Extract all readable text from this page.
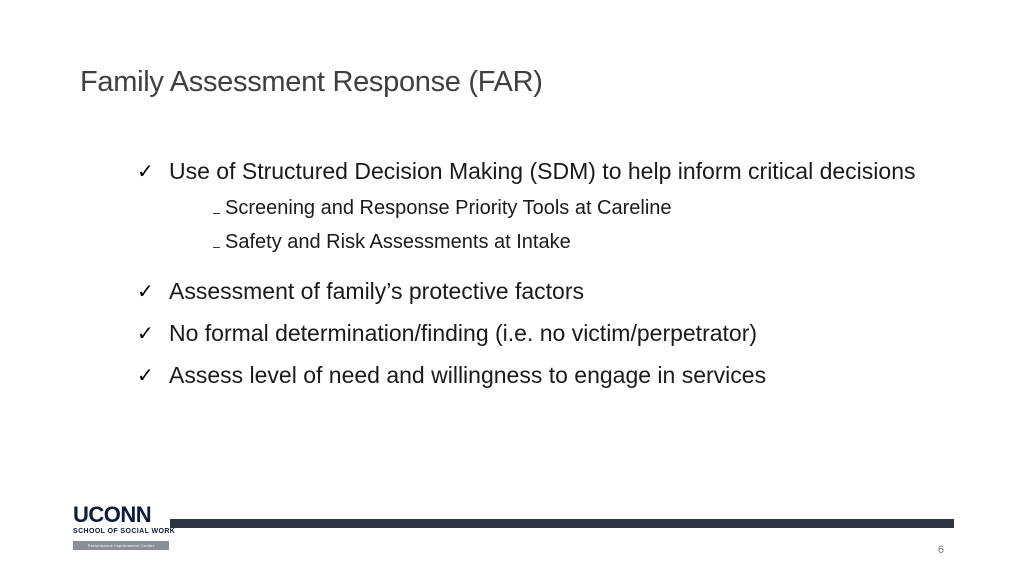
Family Assessment Response (FAR)
✓ Use of Structured Decision Making (SDM) to help inform critical decisions
Screening and Response Priority Tools at Careline
Safety and Risk Assessments at Intake
✓ Assessment of family’s protective factors
✓ No formal determination/finding (i.e. no victim/perpetrator)
✓ Assess level of need and willingness to engage in services
UCONN
SCHOOL OF SOCIAL WORK
Performance Improvement Center	6
